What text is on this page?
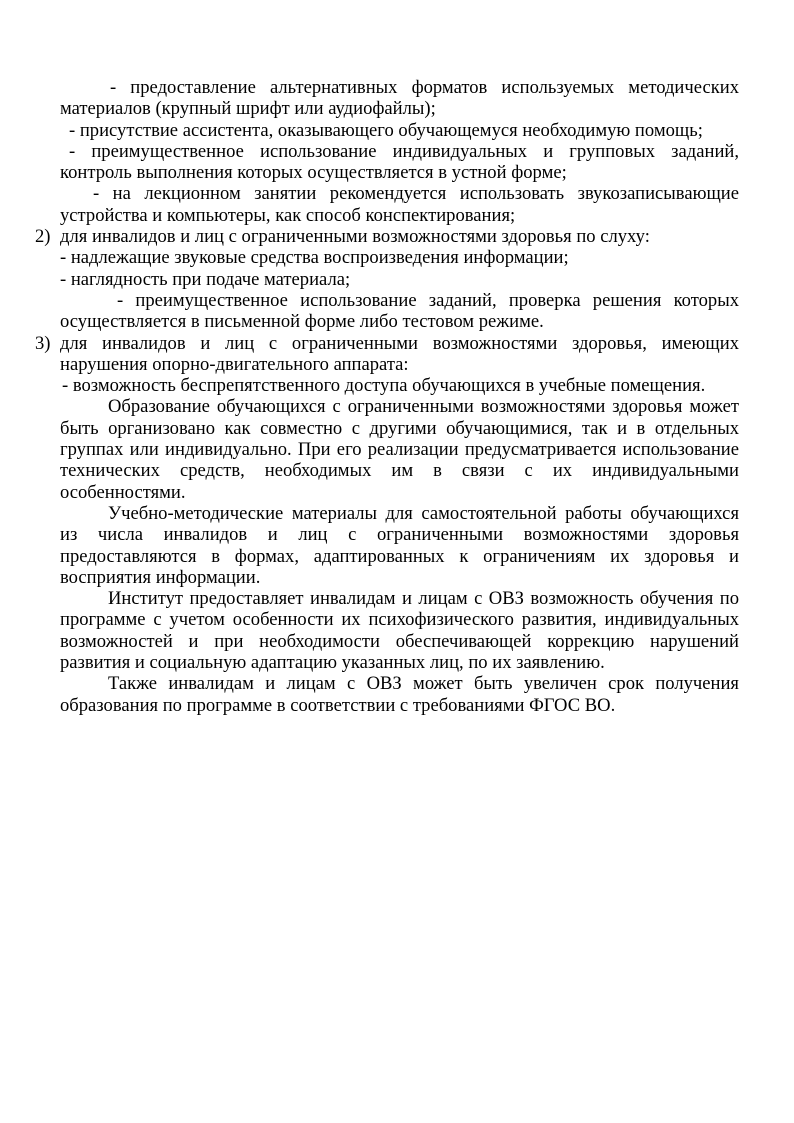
- предоставление альтернативных форматов используемых методических материалов (крупный шрифт или аудиофайлы);

- присутствие ассистента, оказывающего обучающемуся необходимую помощь;

- преимущественное использование индивидуальных и групповых заданий, контроль выполнения которых осуществляется в устной форме;

- на лекционном занятии рекомендуется использовать звукозаписывающие устройства и компьютеры, как способ конспектирования;

2) для инвалидов и лиц с ограниченными возможностями здоровья по слуху:

- надлежащие звуковые средства воспроизведения информации;

- наглядность при подаче материала;

- преимущественное использование заданий, проверка решения которых осуществляется в письменной форме либо тестовом режиме.

3) для инвалидов и лиц с ограниченными возможностями здоровья, имеющих нарушения опорно-двигательного аппарата:

- возможность беспрепятственного доступа обучающихся в учебные помещения.

Образование обучающихся с ограниченными возможностями здоровья может быть организовано как совместно с другими обучающимися, так и в отдельных группах или индивидуально. При его реализации предусматривается использование технических средств, необходимых им в связи с их индивидуальными особенностями.

Учебно-методические материалы для самостоятельной работы обучающихся из числа инвалидов и лиц с ограниченными возможностями здоровья предоставляются в формах, адаптированных к ограничениям их здоровья и восприятия информации.

Институт предоставляет инвалидам и лицам с ОВЗ возможность обучения по программе с учетом особенности их психофизического развития, индивидуальных возможностей и при необходимости обеспечивающей коррекцию нарушений развития и социальную адаптацию указанных лиц, по их заявлению.

Также инвалидам и лицам с ОВЗ может быть увеличен срок получения образования по программе в соответствии с требованиями ФГОС ВО.
